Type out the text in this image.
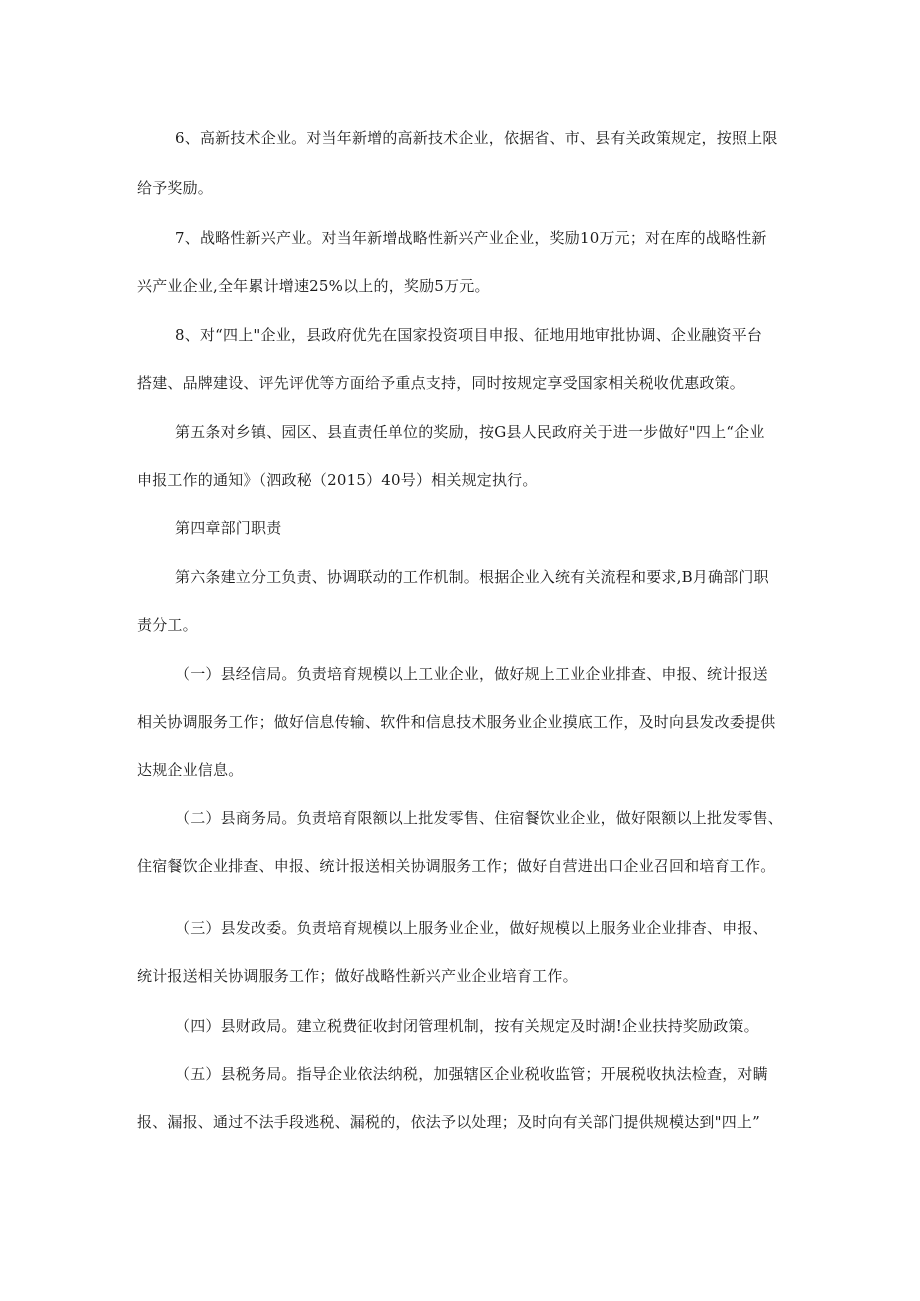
6、高新技术企业。对当年新增的高新技术企业，依据省、市、县有关政策规定，按照上限
给予奖励。
7、战略性新兴产业。对当年新增战略性新兴产业企业，奖励10万元；对在库的战略性新
兴产业企业,全年累计增速25%以上的，奖励5万元。
8、对“四上"企业，县政府优先在国家投资项目申报、征地用地审批协调、企业融资平台
搭建、品牌建设、评先评优等方面给予重点支持，同时按规定享受国家相关税收优惠政策。
第五条对乡镇、园区、县直责任单位的奖励，按G县人民政府关于进一步做好"四上“企业
申报工作的通知》（泗政秘（2015）40号）相关规定执行。
第四章部门职责
第六条建立分工负责、协调联动的工作机制。根据企业入统有关流程和要求,B月确部门职
责分工。
（一）县经信局。负责培育规模以上工业企业，做好规上工业企业排查、申报、统计报送
相关协调服务工作；做好信息传输、软件和信息技术服务业企业摸底工作，及时向县发改委提供
达规企业信息。
（二）县商务局。负责培育限额以上批发零售、住宿餐饮业企业，做好限额以上批发零售、
住宿餐饮企业排查、申报、统计报送相关协调服务工作；做好自营进出口企业召回和培育工作。
（三）县发改委。负责培育规模以上服务业企业，做好规模以上服务业企业排杳、申报、
统计报送相关协调服务工作；做好战略性新兴产业企业培育工作。
（四）县财政局。建立税费征收封闭管理机制，按有关规定及时湖!企业扶持奖励政策。
（五）县税务局。指导企业依法纳税，加强辖区企业税收监管；开展税收执法检查，对瞒
报、漏报、通过不法手段逃税、漏税的，依法予以处理；及时向有关部门提供规模达到"四上”
